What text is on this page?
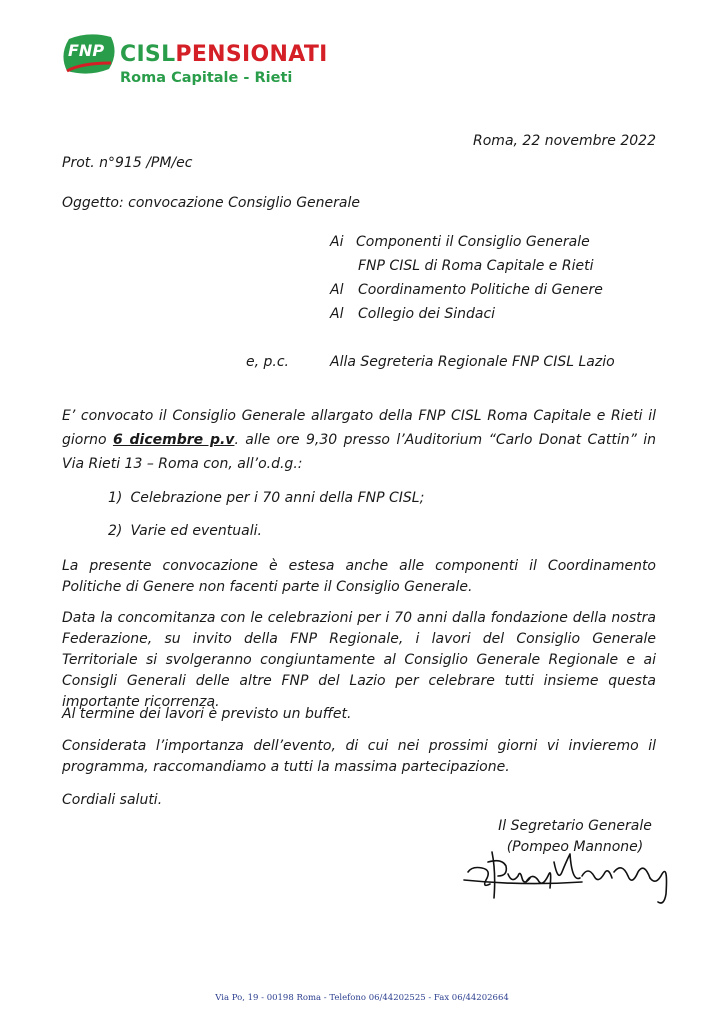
FNP CISLPENSIONATI
Roma Capitale - Rieti
Roma, 22 novembre 2022
Prot. n°915 /PM/ec
Oggetto: convocazione Consiglio Generale
Ai Componenti il Consiglio Generale
FNP CISL di Roma Capitale e Rieti
Al	Coordinamento Politiche di Genere
Al	Collegio dei Sindaci
e, p.c.	Alla Segreteria Regionale FNP CISL Lazio
E’ convocato il Consiglio Generale allargato della FNP CISL Roma Capitale e Rieti il giorno 6 dicembre p.v. alle ore 9,30 presso l’Auditorium “Carlo Donat Cattin” in Via Rieti 13 – Roma con, all’o.d.g.:
1) Celebrazione per i 70 anni della FNP CISL;
2) Varie ed eventuali.
La presente convocazione è estesa anche alle componenti il Coordinamento Politiche di Genere non facenti parte il Consiglio Generale.
Data la concomitanza con le celebrazioni per i 70 anni dalla fondazione della nostra Federazione, su invito della FNP Regionale, i lavori del Consiglio Generale Territoriale si svolgeranno congiuntamente al Consiglio Generale Regionale e ai Consigli Generali delle altre FNP del Lazio per celebrare tutti insieme questa importante ricorrenza.
Al termine dei lavori è previsto un buffet.
Considerata l’importanza dell’evento, di cui nei prossimi giorni vi invieremo il programma, raccomandiamo a tutti la massima partecipazione.
Cordiali saluti.
Il Segretario Generale
(Pompeo Mannone)
Via Po, 19 - 00198 Roma - Telefono 06/44202525 - Fax 06/44202664
